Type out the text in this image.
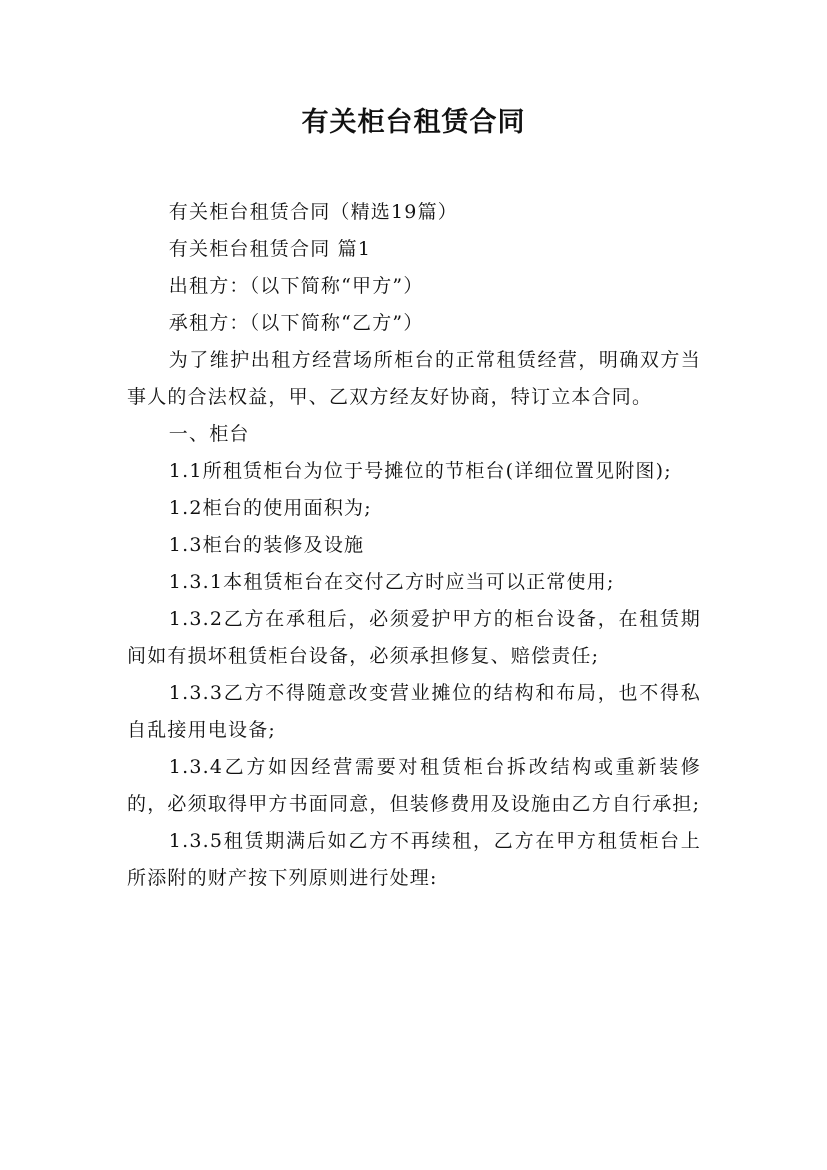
有关柜台租赁合同

有关柜台租赁合同（精选19篇）

有关柜台租赁合同 篇1

出租方：（以下简称“甲方”）

承租方：（以下简称“乙方”）

为了维护出租方经营场所柜台的正常租赁经营，明确双方当事人的合法权益，甲、乙双方经友好协商，特订立本合同。

一、柜台

1.1所租赁柜台为位于号摊位的节柜台(详细位置见附图);

1.2柜台的使用面积为;

1.3柜台的装修及设施

1.3.1本租赁柜台在交付乙方时应当可以正常使用;

1.3.2乙方在承租后，必须爱护甲方的柜台设备，在租赁期间如有损坏租赁柜台设备，必须承担修复、赔偿责任;

1.3.3乙方不得随意改变营业摊位的结构和布局，也不得私自乱接用电设备;

1.3.4乙方如因经营需要对租赁柜台拆改结构或重新装修的，必须取得甲方书面同意，但装修费用及设施由乙方自行承担;

1.3.5租赁期满后如乙方不再续租，乙方在甲方租赁柜台上所添附的财产按下列原则进行处理:
